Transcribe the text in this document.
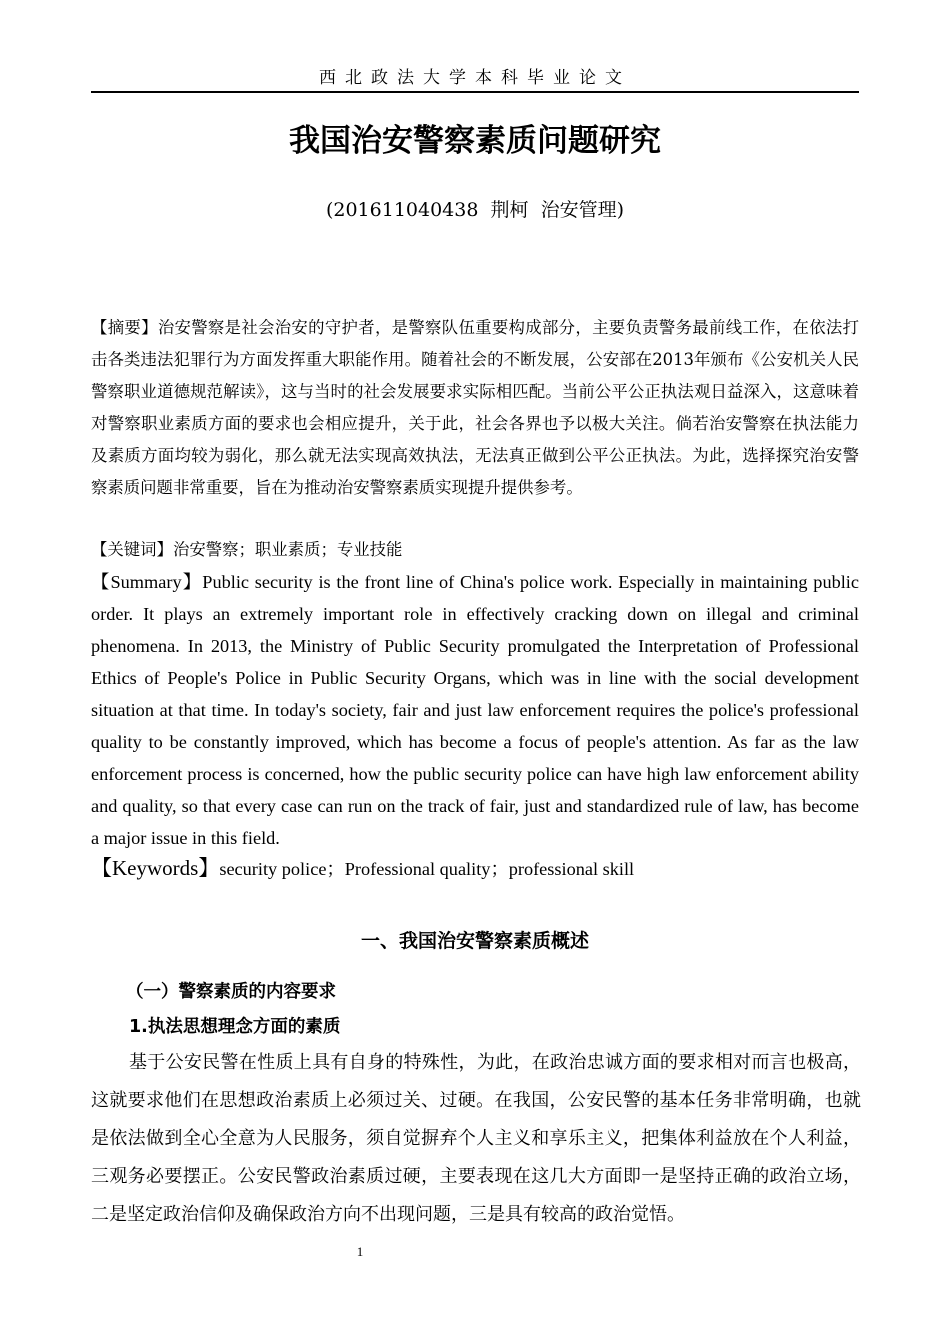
西北政法大学本科毕业论文
我国治安警察素质问题研究
(201611040438  荆柯  治安管理)

【摘要】治安警察是社会治安的守护者，是警察队伍重要构成部分，主要负责警务最前线工作，在依法打击各类违法犯罪行为方面发挥重大职能作用。随着社会的不断发展，公安部在2013年颁布《公安机关人民警察职业道德规范解读》，这与当时的社会发展要求实际相匹配。当前公平公正执法观日益深入，这意味着对警察职业素质方面的要求也会相应提升，关于此，社会各界也予以极大关注。倘若治安警察在执法能力及素质方面均较为弱化，那么就无法实现高效执法，无法真正做到公平公正执法。为此，选择探究治安警察素质问题非常重要，旨在为推动治安警察素质实现提升提供参考。

【关键词】治安警察；职业素质；专业技能

【Summary】Public security is the front line of China's police work. Especially in maintaining public order. It plays an extremely important role in effectively cracking down on illegal and criminal phenomena. In 2013, the Ministry of Public Security promulgated the Interpretation of Professional Ethics of People's Police in Public Security Organs, which was in line with the social development situation at that time. In today's society, fair and just law enforcement requires the police's professional quality to be constantly improved, which has become a focus of people's attention. As far as the law enforcement process is concerned, how the public security police can have high law enforcement ability and quality, so that every case can run on the track of fair, just and standardized rule of law, has become a major issue in this field.

【Keywords】security police；Professional quality；professional skill

一、我国治安警察素质概述
（一）警察素质的内容要求
1.执法思想理念方面的素质

基于公安民警在性质上具有自身的特殊性，为此，在政治忠诚方面的要求相对而言也极高，这就要求他们在思想政治素质上必须过关、过硬。在我国，公安民警的基本任务非常明确，也就是依法做到全心全意为人民服务，须自觉摒弃个人主义和享乐主义，把集体利益放在个人利益，三观务必要摆正。公安民警政治素质过硬，主要表现在这几大方面即一是坚持正确的政治立场，二是坚定政治信仰及确保政治方向不出现问题，三是具有较高的政治觉悟。

1
